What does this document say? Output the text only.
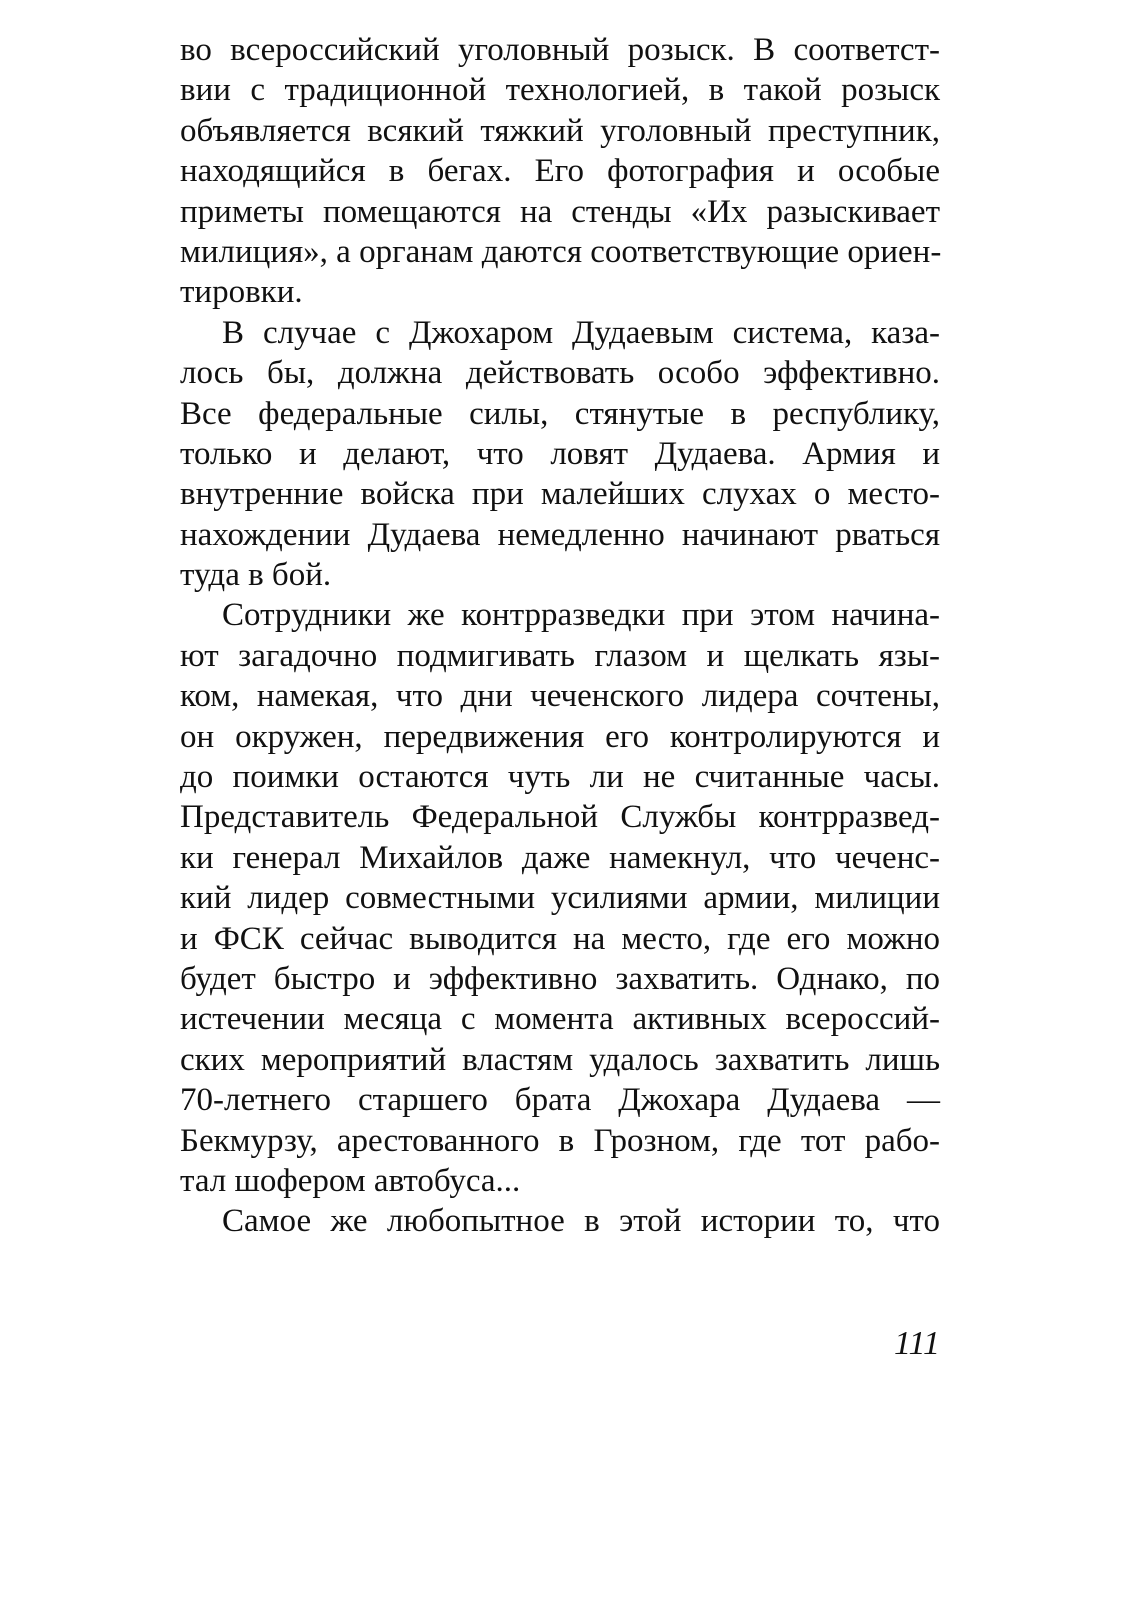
во всероссийский уголовный розыск. В соответст-
вии с традиционной технологией, в такой розыск
объявляется всякий тяжкий уголовный преступник,
находящийся в бегах. Его фотография и особые
приметы помещаются на стенды «Их разыскивает
милиция», а органам даются соответствующие ориен-
тировки.
В случае с Джохаром Дудаевым система, каза-
лось бы, должна действовать особо эффективно.
Все федеральные силы, стянутые в республику,
только и делают, что ловят Дудаева. Армия и
внутренние войска при малейших слухах о место-
нахождении Дудаева немедленно начинают рваться
туда в бой.
Сотрудники же контрразведки при этом начина-
ют загадочно подмигивать глазом и щелкать язы-
ком, намекая, что дни чеченского лидера сочтены,
он окружен, передвижения его контролируются и
до поимки остаются чуть ли не считанные часы.
Представитель Федеральной Службы контрразвед-
ки генерал Михайлов даже намекнул, что чеченс-
кий лидер совместными усилиями армии, милиции
и ФСК сейчас выводится на место, где его можно
будет быстро и эффективно захватить. Однако, по
истечении месяца с момента активных всероссий-
ских мероприятий властям удалось захватить лишь
70-летнего старшего брата Джохара Дудаева —
Бекмурзу, арестованного в Грозном, где тот рабо-
тал шофером автобуса...
Самое же любопытное в этой истории то, что
111
